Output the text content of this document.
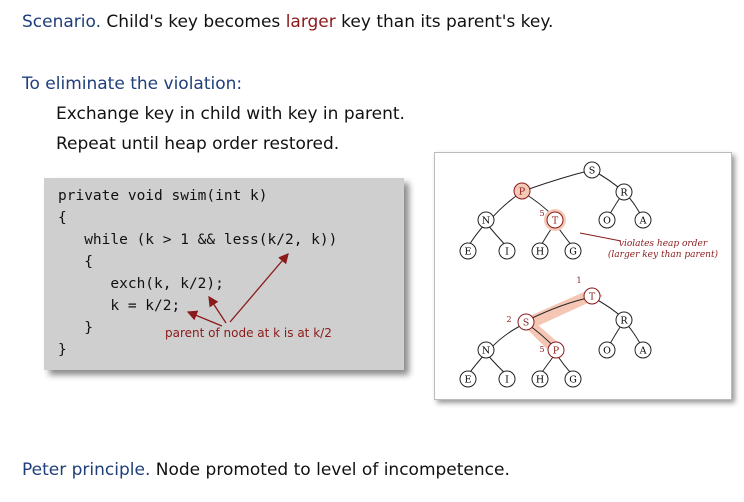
Scenario. Child's key becomes larger key than its parent's key.
To eliminate the violation:
Exchange key in child with key in parent.
Repeat until heap order restored.
private void swim(int k)
{
while (k > 1 && less(k/2, k))
{
exch(k, k/2);
k = k/2;
}
}
parent of node at k is at k/2
S
P	R
N	T
5
O	A
E	I	H	G
violates heap order
(larger key than parent)
T
1
S
2	R
N	P
5	O	A
E	I	H	G
Peter principle. Node promoted to level of incompetence.
